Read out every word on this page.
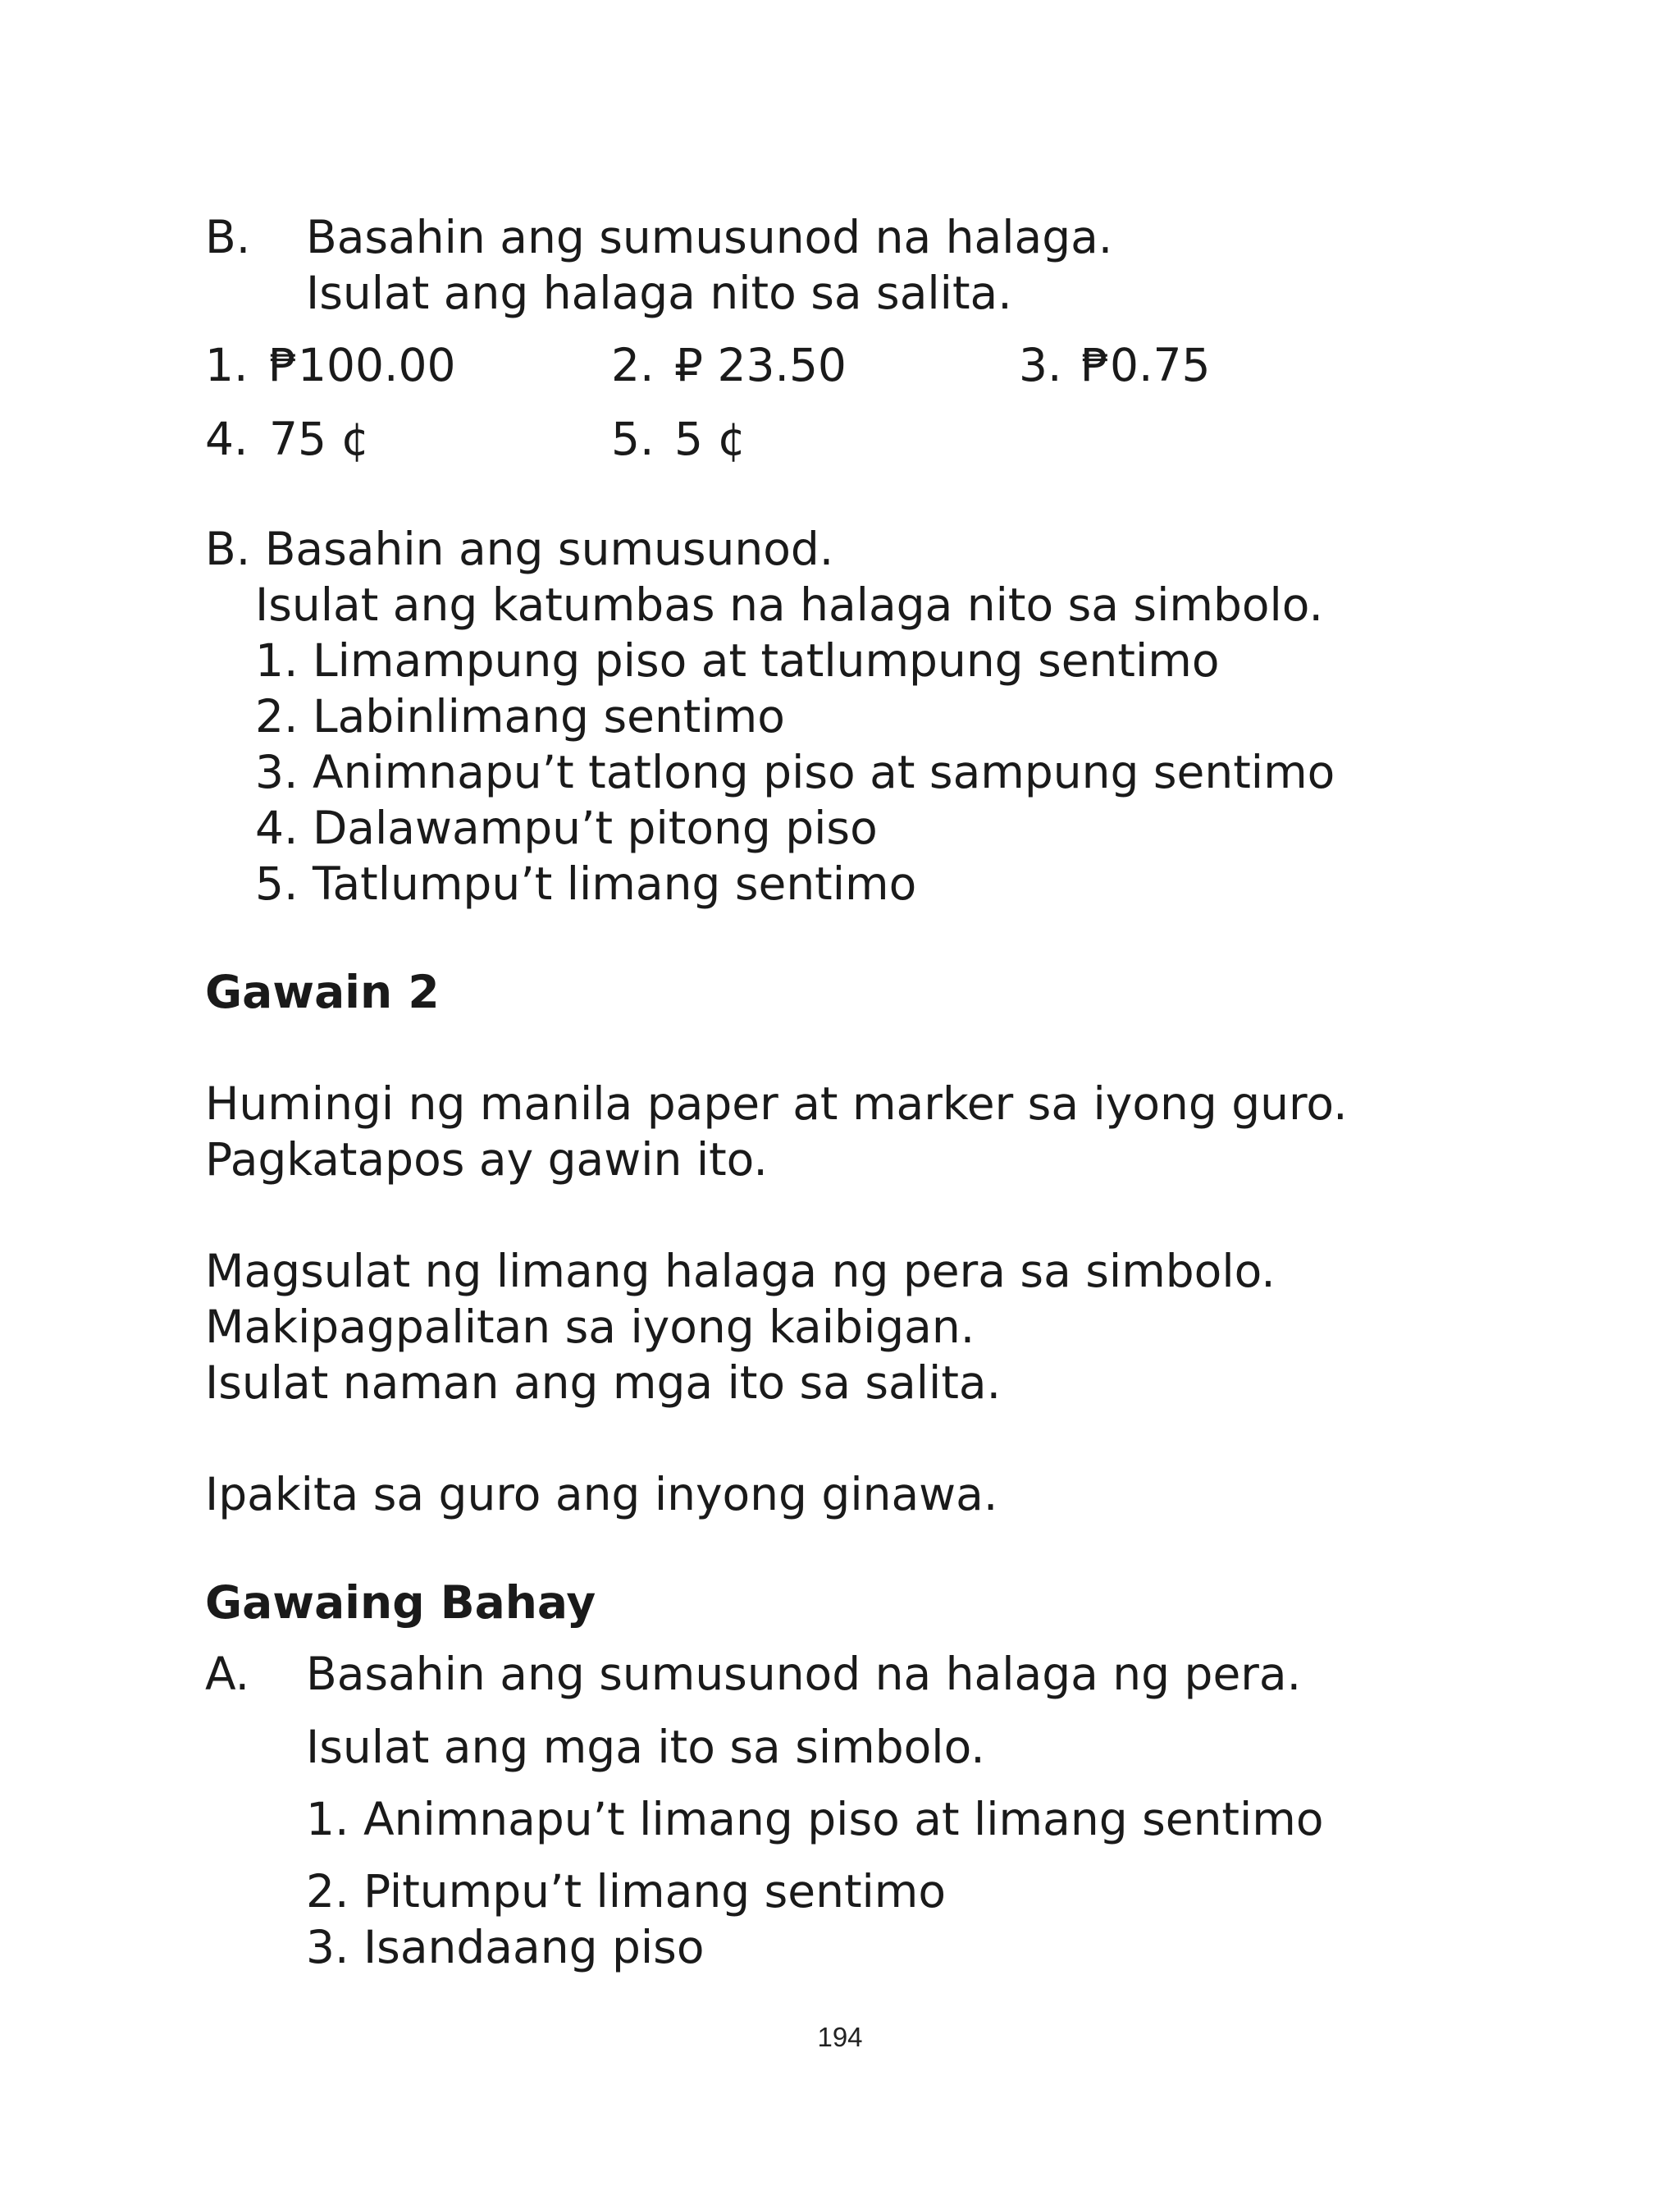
B. Basahin ang sumusunod na halaga.
Isulat ang halaga nito sa salita.
1. ₱100.00	2. ₽ 23.50	3. ₱0.75
4. 75 ¢	5. 5 ¢
B. Basahin ang sumusunod.
Isulat ang katumbas na halaga nito sa simbolo.
1. Limampung piso at tatlumpung sentimo
2. Labinlimang sentimo
3. Animnapu’t tatlong piso at sampung sentimo
4. Dalawampu’t pitong piso
5. Tatlumpu’t limang sentimo
Gawain 2
Humingi ng manila paper at marker sa iyong guro.
Pagkatapos ay gawin ito.
Magsulat ng limang halaga ng pera sa simbolo.
Makipagpalitan sa iyong kaibigan.
Isulat naman ang mga ito sa salita.
Ipakita sa guro ang inyong ginawa.
Gawaing Bahay
A. Basahin ang sumusunod na halaga ng pera.
Isulat ang mga ito sa simbolo.
1. Animnapu’t limang piso at limang sentimo
2. Pitumpu’t limang sentimo
3. Isandaang piso
194
